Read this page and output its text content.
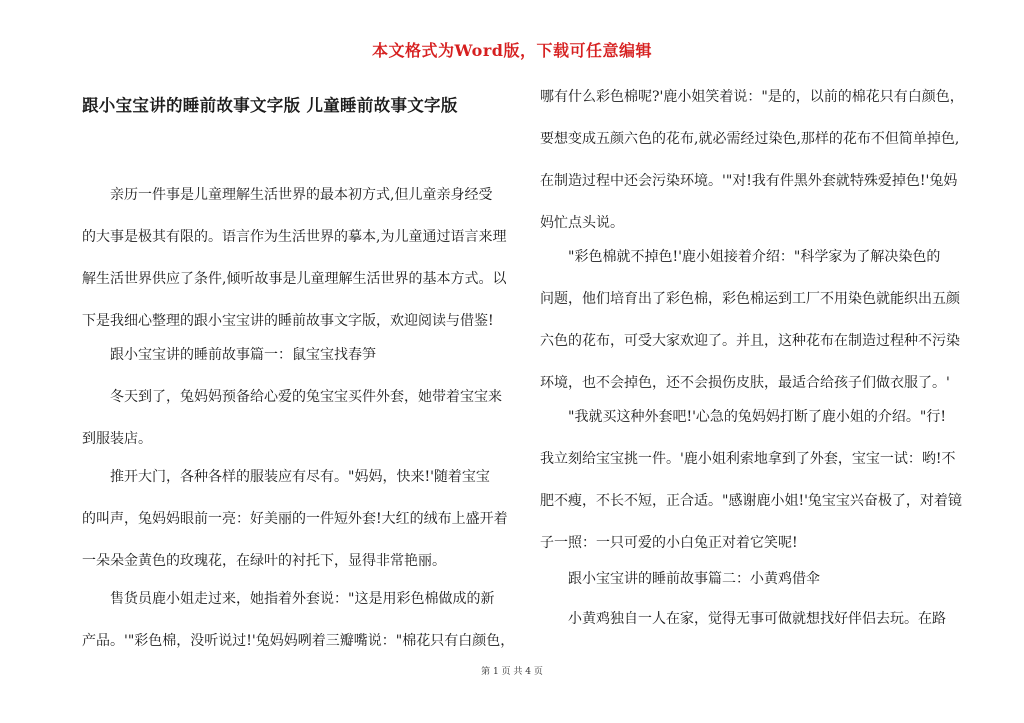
本文格式为Word版，下载可任意编辑
跟小宝宝讲的睡前故事文字版 儿童睡前故事文字版
亲历一件事是儿童理解生活世界的最本初方式,但儿童亲身经受
的大事是极其有限的。语言作为生活世界的摹本,为儿童通过语言来理
解生活世界供应了条件,倾听故事是儿童理解生活世界的基本方式。以
下是我细心整理的跟小宝宝讲的睡前故事文字版，欢迎阅读与借鉴!
跟小宝宝讲的睡前故事篇一：鼠宝宝找春笋
冬天到了，兔妈妈预备给心爱的兔宝宝买件外套，她带着宝宝来
到服装店。
推开大门，各种各样的服装应有尽有。"妈妈，快来!'随着宝宝
的叫声，兔妈妈眼前一亮：好美丽的一件短外套!大红的绒布上盛开着
一朵朵金黄色的玫瑰花，在绿叶的衬托下，显得非常艳丽。
售货员鹿小姐走过来，她指着外套说："这是用彩色棉做成的新
产品。'"彩色棉，没听说过!'兔妈妈咧着三瓣嘴说："棉花只有白颜色，
哪有什么彩色棉呢?'鹿小姐笑着说："是的，以前的棉花只有白颜色，
要想变成五颜六色的花布,就必需经过染色,那样的花布不但简单掉色,
在制造过程中还会污染环境。'"对!我有件黑外套就特殊爱掉色!'兔妈
妈忙点头说。
"彩色棉就不掉色!'鹿小姐接着介绍："科学家为了解决染色的
问题，他们培育出了彩色棉，彩色棉运到工厂不用染色就能织出五颜
六色的花布，可受大家欢迎了。并且，这种花布在制造过程种不污染
环境，也不会掉色，还不会损伤皮肤，最适合给孩子们做衣服了。'
"我就买这种外套吧!'心急的兔妈妈打断了鹿小姐的介绍。"行!
我立刻给宝宝挑一件。'鹿小姐利索地拿到了外套，宝宝一试：哟!不
肥不瘦，不长不短，正合适。"感谢鹿小姐!'兔宝宝兴奋极了，对着镜
子一照：一只可爱的小白兔正对着它笑呢!
跟小宝宝讲的睡前故事篇二：小黄鸡借伞
小黄鸡独自一人在家，觉得无事可做就想找好伴侣去玩。在路
第 1 页 共 4 页
